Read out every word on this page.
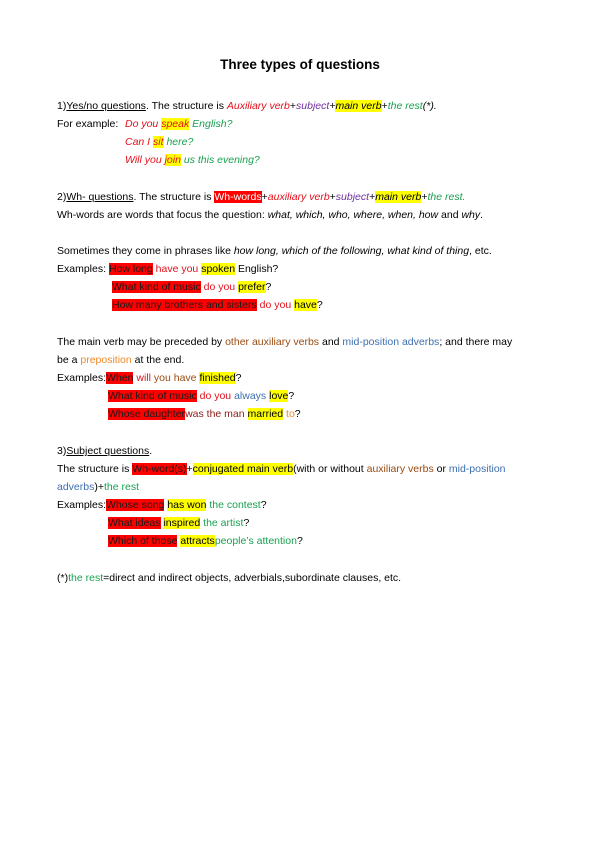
Three types of questions
1)Yes/no questions. The structure is Auxiliary verb+subject+main verb+the rest(*).
For example: Do you speak English?
Can I sit here?
Will you join us this evening?
2)Wh- questions. The structure is Wh-words+auxiliary verb+subject+main verb+the rest.
Wh-words are words that focus the question: what, which, who, where, when, how and why.
Sometimes they come in phrases like how long, which of the following, what kind of thing, etc.
Examples: How long have you spoken English?
What kind of music do you prefer?
How many brothers and sisters do you have?
The main verb may be preceded by other auxiliary verbs and mid-position adverbs; and there may
be a preposition at the end.
Examples:When will you have finished?
What kind of music do you always love?
Whose daughterwas the man married to?
3)Subject questions.
The structure is Wh-word(s)+conjugated main verb(with or without auxiliary verbs or mid-position
adverbs)+the rest
Examples:Whose song has won the contest?
What ideas inspired the artist?
Which of those attractspeople’s attention?
(*)the rest=direct and indirect objects, adverbials,subordinate clauses, etc.
